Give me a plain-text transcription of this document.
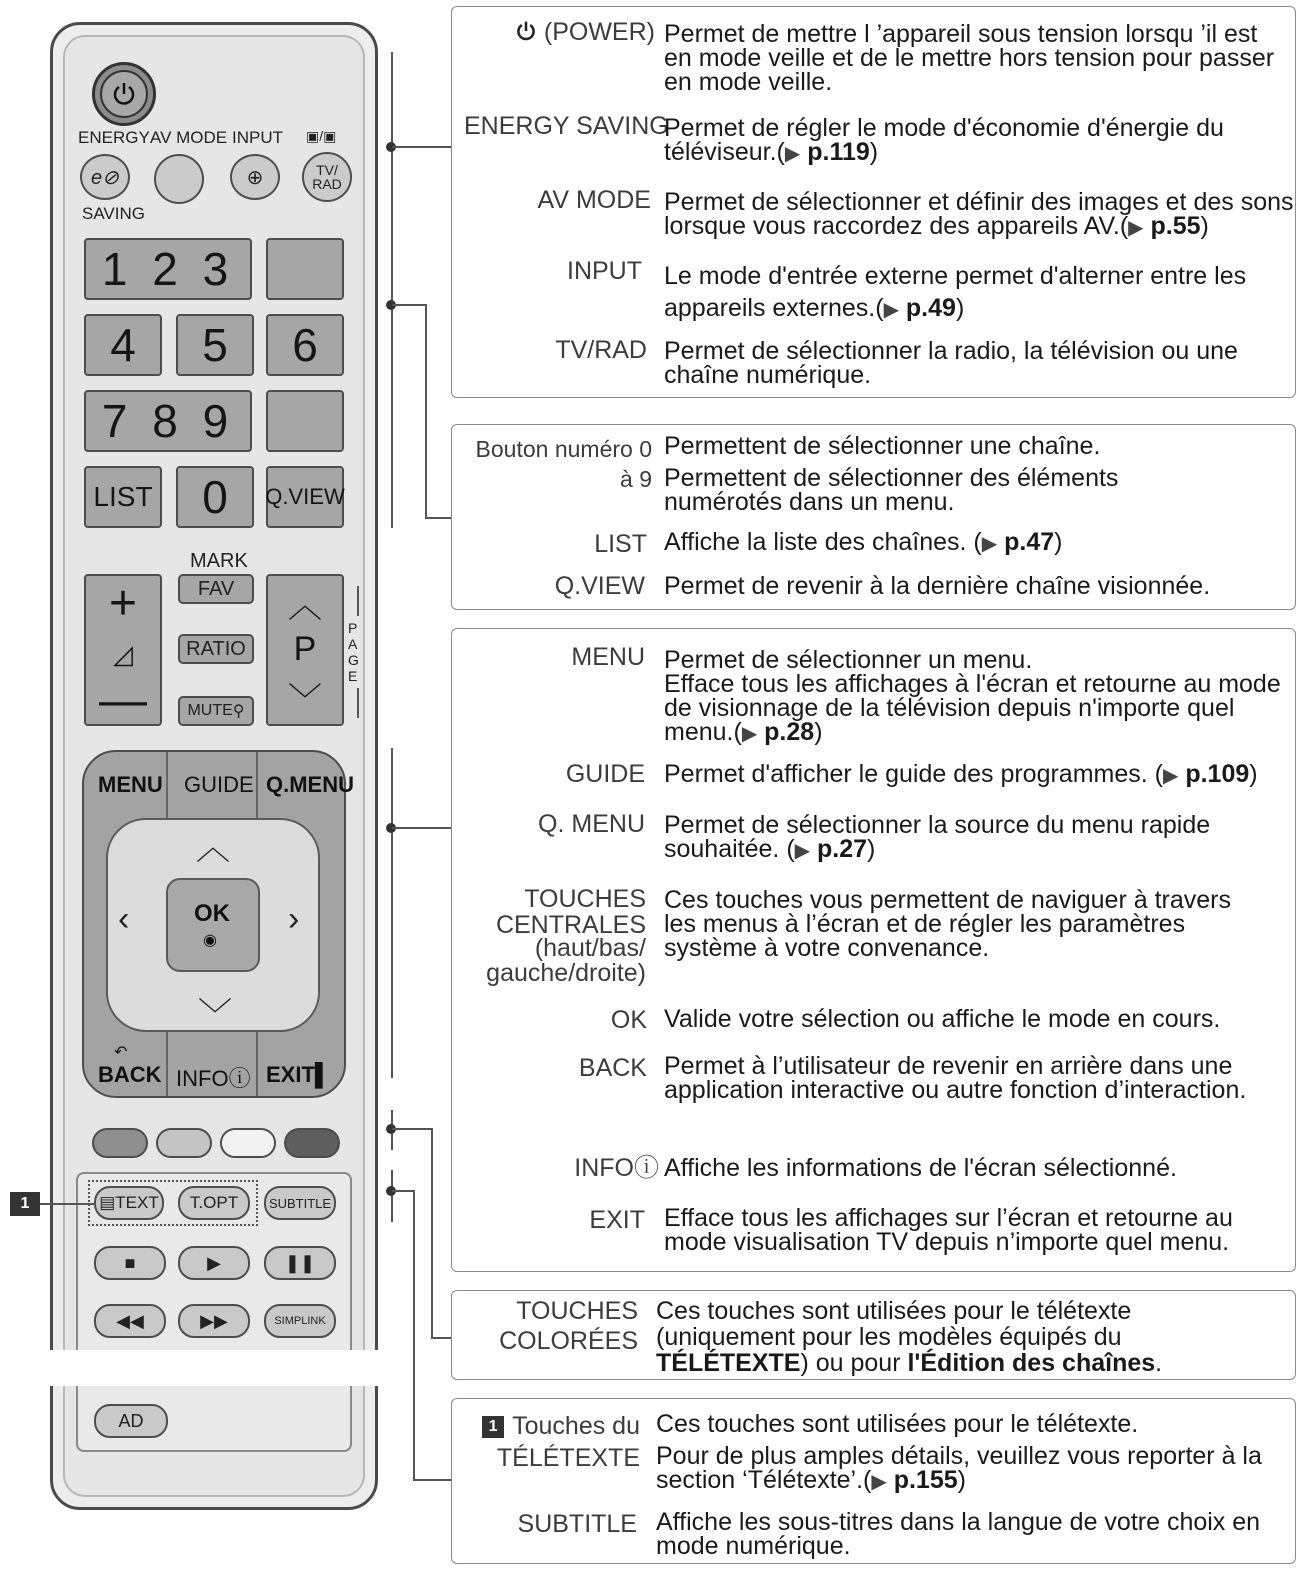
ENERGY AV MODE INPUT ▣/▣
e⊘	⊕	TV/ RAD
SAVING
1 2 3
4	5	6
7 8 9
LIST	0	Q.VIEW
MARK
+
◿
—
FAV
RATIO
MUTE ⚲
︿
P
﹀
P A G E
MENU GUIDE Q.MENU
︿
﹀
‹	›
OK
◉
BACK
↶
INFOⓘ EXIT▌
▤ TEXT	T.OPT	SUBTITLE
■	▶	❚❚
◀◀	▶▶	SIMPLINK
AD
1
(POWER) Permet de mettre l ’appareil sous tension lorsqu ’il est en mode veille et de le mettre hors tension pour passer en mode veille.
ENERGY SAVING
Permet de régler le mode d'économie d'énergie du téléviseur.(▶ p.119)
AV MODE Permet de sélectionner et définir des images et des sons lorsque vous raccordez des appareils AV.(▶ p.55)
INPUT Le mode d'entrée externe permet d'alterner entre les appareils externes.(▶ p.49)
TV/RAD Permet de sélectionner la radio, la télévision ou une chaîne numérique.
Bouton numéro 0 à 9
Permettent de sélectionner une chaîne.
Permettent de sélectionner des éléments numérotés dans un menu.
LIST Affiche la liste des chaînes. (▶ p.47)
Q.VIEW Permet de revenir à la dernière chaîne visionnée.
MENU Permet de sélectionner un menu.
Efface tous les affichages à l'écran et retourne au mode de visionnage de la télévision depuis n'importe quel menu.(▶ p.28)
GUIDE Permet d'afficher le guide des programmes. (▶ p.109)
Q. MENU Permet de sélectionner la source du menu rapide souhaitée. (▶ p.27)
TOUCHES CENTRALES
(haut/bas/ gauche/droite)
Ces touches vous permettent de naviguer à travers les menus à l’écran et de régler les paramètres système à votre convenance.
OK Valide votre sélection ou affiche le mode en cours.
BACK Permet à l’utilisateur de revenir en arrière dans une application interactive ou autre fonction d’interaction.
INFOⓘ Affiche les informations de l'écran sélectionné.
EXIT Efface tous les affichages sur l’écran et retourne au mode visualisation TV depuis n’importe quel menu.
TOUCHES COLORÉES
Ces touches sont utilisées pour le télétexte (uniquement pour les modèles équipés du TÉLÉTEXTE) ou pour l'Édition des chaînes.
1 Touches du TÉLÉTEXTE
Ces touches sont utilisées pour le télétexte.
Pour de plus amples détails, veuillez vous reporter à la section ‘Télétexte’.(▶ p.155)
SUBTITLE Affiche les sous-titres dans la langue de votre choix en mode numérique.
